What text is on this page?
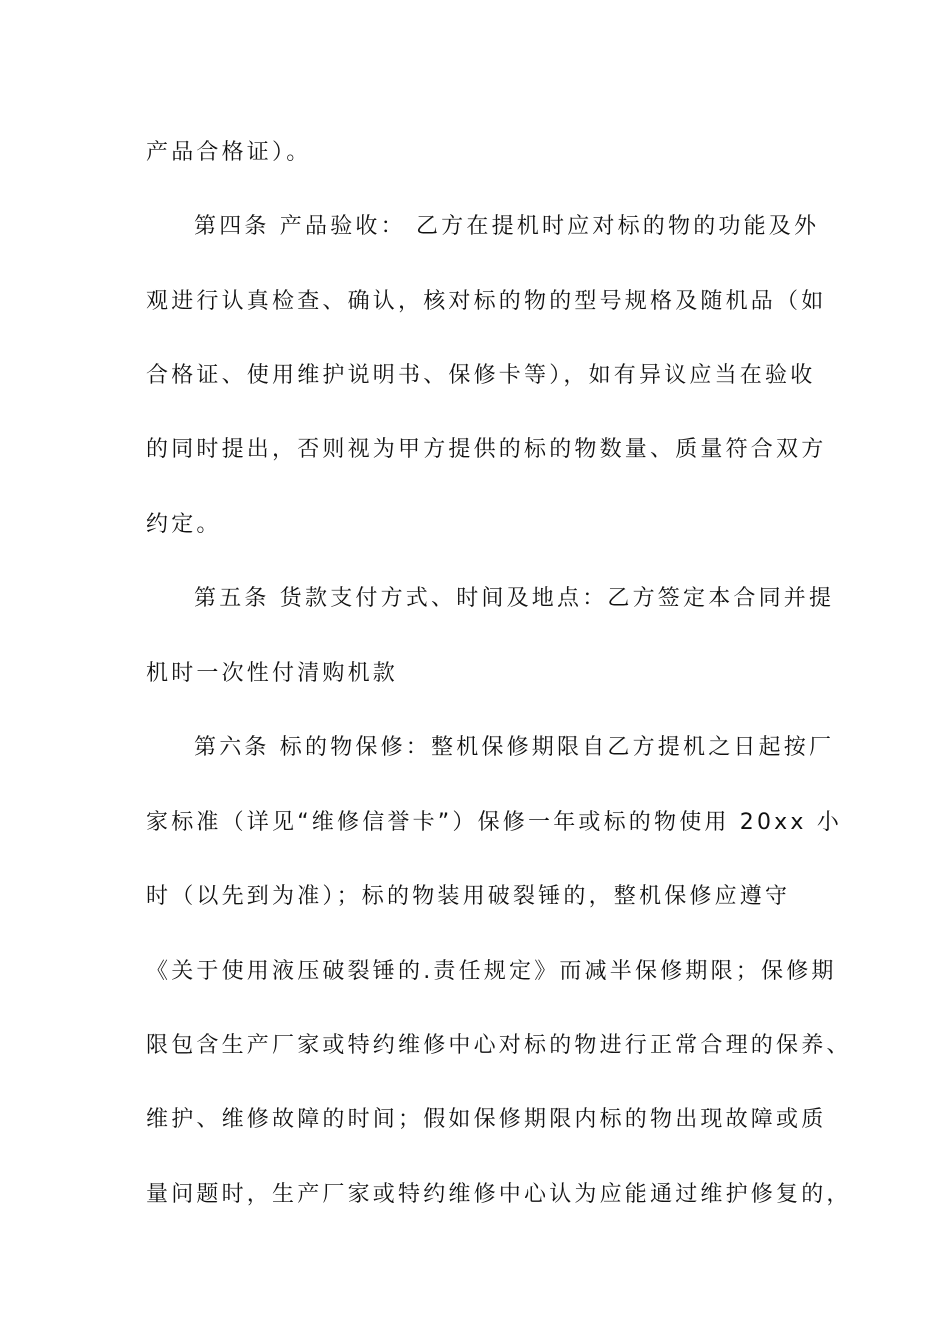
产品合格证）。
第四条 产品验收： 乙方在提机时应对标的物的功能及外
观进行认真检查、确认，核对标的物的型号规格及随机品（如
合格证、使用维护说明书、保修卡等），如有异议应当在验收
的同时提出，否则视为甲方提供的标的物数量、质量符合双方
约定。
第五条 货款支付方式、时间及地点：乙方签定本合同并提
机时一次性付清购机款
第六条 标的物保修：整机保修期限自乙方提机之日起按厂
家标准（详见“维修信誉卡”）保修一年或标的物使用 20xx 小
时（以先到为准）；标的物装用破裂锤的，整机保修应遵守
《关于使用液压破裂锤的.责任规定》而减半保修期限；保修期
限包含生产厂家或特约维修中心对标的物进行正常合理的保养、
维护、维修故障的时间；假如保修期限内标的物出现故障或质
量问题时，生产厂家或特约维修中心认为应能通过维护修复的，
